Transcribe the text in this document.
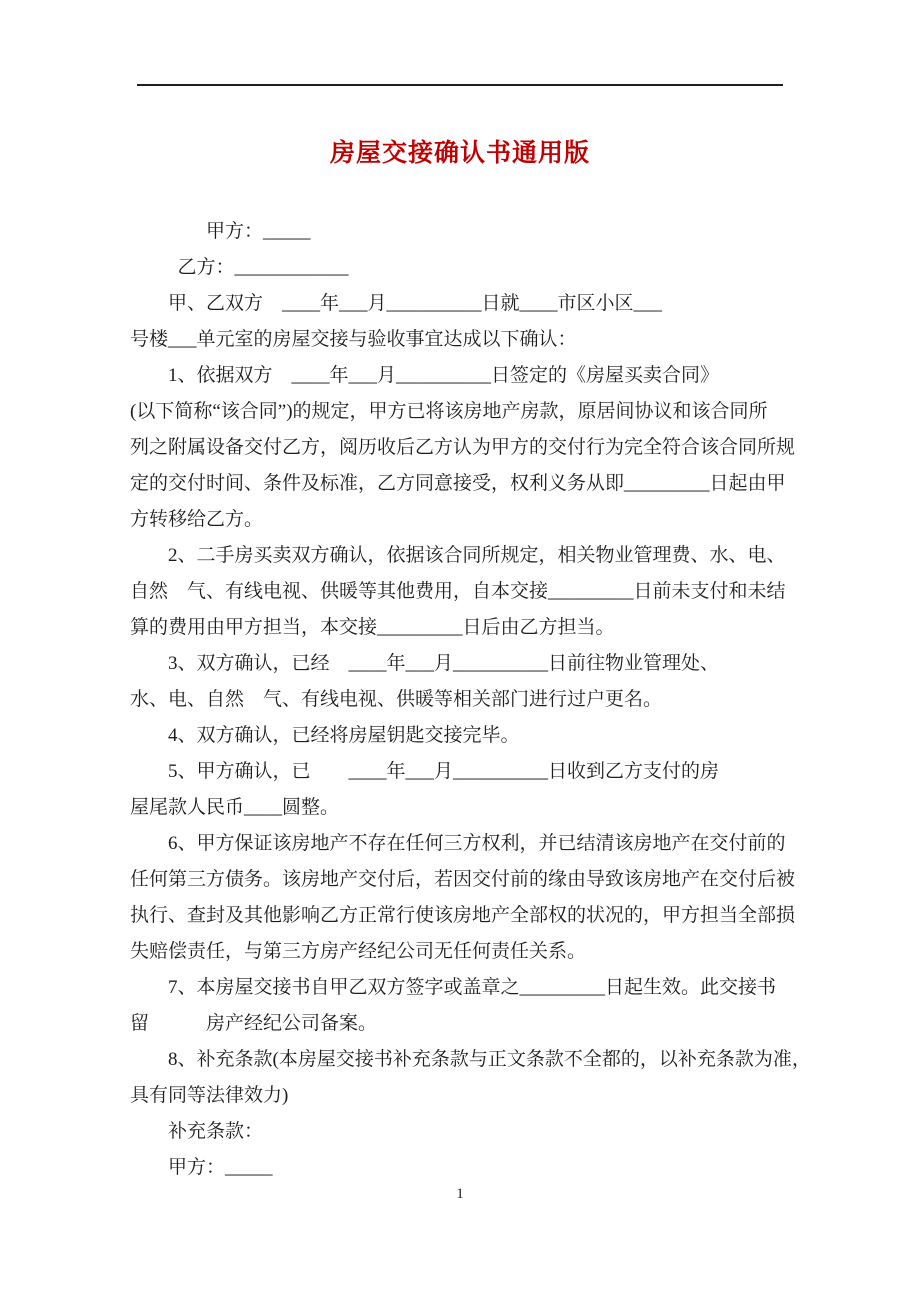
房屋交接确认书通用版
甲方：_____
乙方：____________
甲、乙双方　____年___月__________日就____市区小区___
号楼___单元室的房屋交接与验收事宜达成以下确认：
1、依据双方　____年___月__________日签定的《房屋买卖合同》
(以下简称“该合同”)的规定，甲方已将该房地产房款，原居间协议和该合同所
列之附属设备交付乙方，阅历收后乙方认为甲方的交付行为完全符合该合同所规
定的交付时间、条件及标准，乙方同意接受，权利义务从即_________日起由甲
方转移给乙方。
2、二手房买卖双方确认，依据该合同所规定，相关物业管理费、水、电、
自然　气、有线电视、供暖等其他费用，自本交接_________日前未支付和未结
算的费用由甲方担当，本交接_________日后由乙方担当。
3、双方确认，已经　____年___月__________日前往物业管理处、
水、电、自然　气、有线电视、供暖等相关部门进行过户更名。
4、双方确认，已经将房屋钥匙交接完毕。
5、甲方确认，已　　____年___月__________日收到乙方支付的房
屋尾款人民币____圆整。
6、甲方保证该房地产不存在任何三方权利，并已结清该房地产在交付前的
任何第三方债务。该房地产交付后，若因交付前的缘由导致该房地产在交付后被
执行、查封及其他影响乙方正常行使该房地产全部权的状况的，甲方担当全部损
失赔偿责任，与第三方房产经纪公司无任何责任关系。
7、本房屋交接书自甲乙双方签字或盖章之_________日起生效。此交接书
留　　　房产经纪公司备案。
8、补充条款(本房屋交接书补充条款与正文条款不全都的，以补充条款为准，
具有同等法律效力)
补充条款：
甲方：_____
1
